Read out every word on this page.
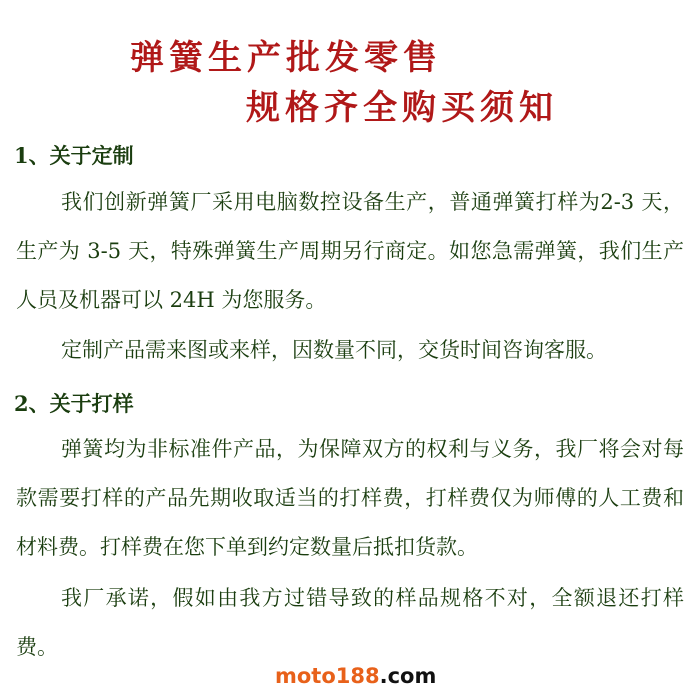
弹簧生产批发零售
规格齐全购买须知
1、关于定制

我们创新弹簧厂采用电脑数控设备生产，普通弹簧打样为2-3 天，生产为 3-5 天，特殊弹簧生产周期另行商定。如您急需弹簧，我们生产人员及机器可以 24H 为您服务。

定制产品需来图或来样，因数量不同，交货时间咨询客服。

2、关于打样

弹簧均为非标准件产品，为保障双方的权利与义务，我厂将会对每款需要打样的产品先期收取适当的打样费，打样费仅为师傅的人工费和材料费。打样费在您下单到约定数量后抵扣货款。

我厂承诺，假如由我方过错导致的样品规格不对，全额退还打样费。

moto188.com
